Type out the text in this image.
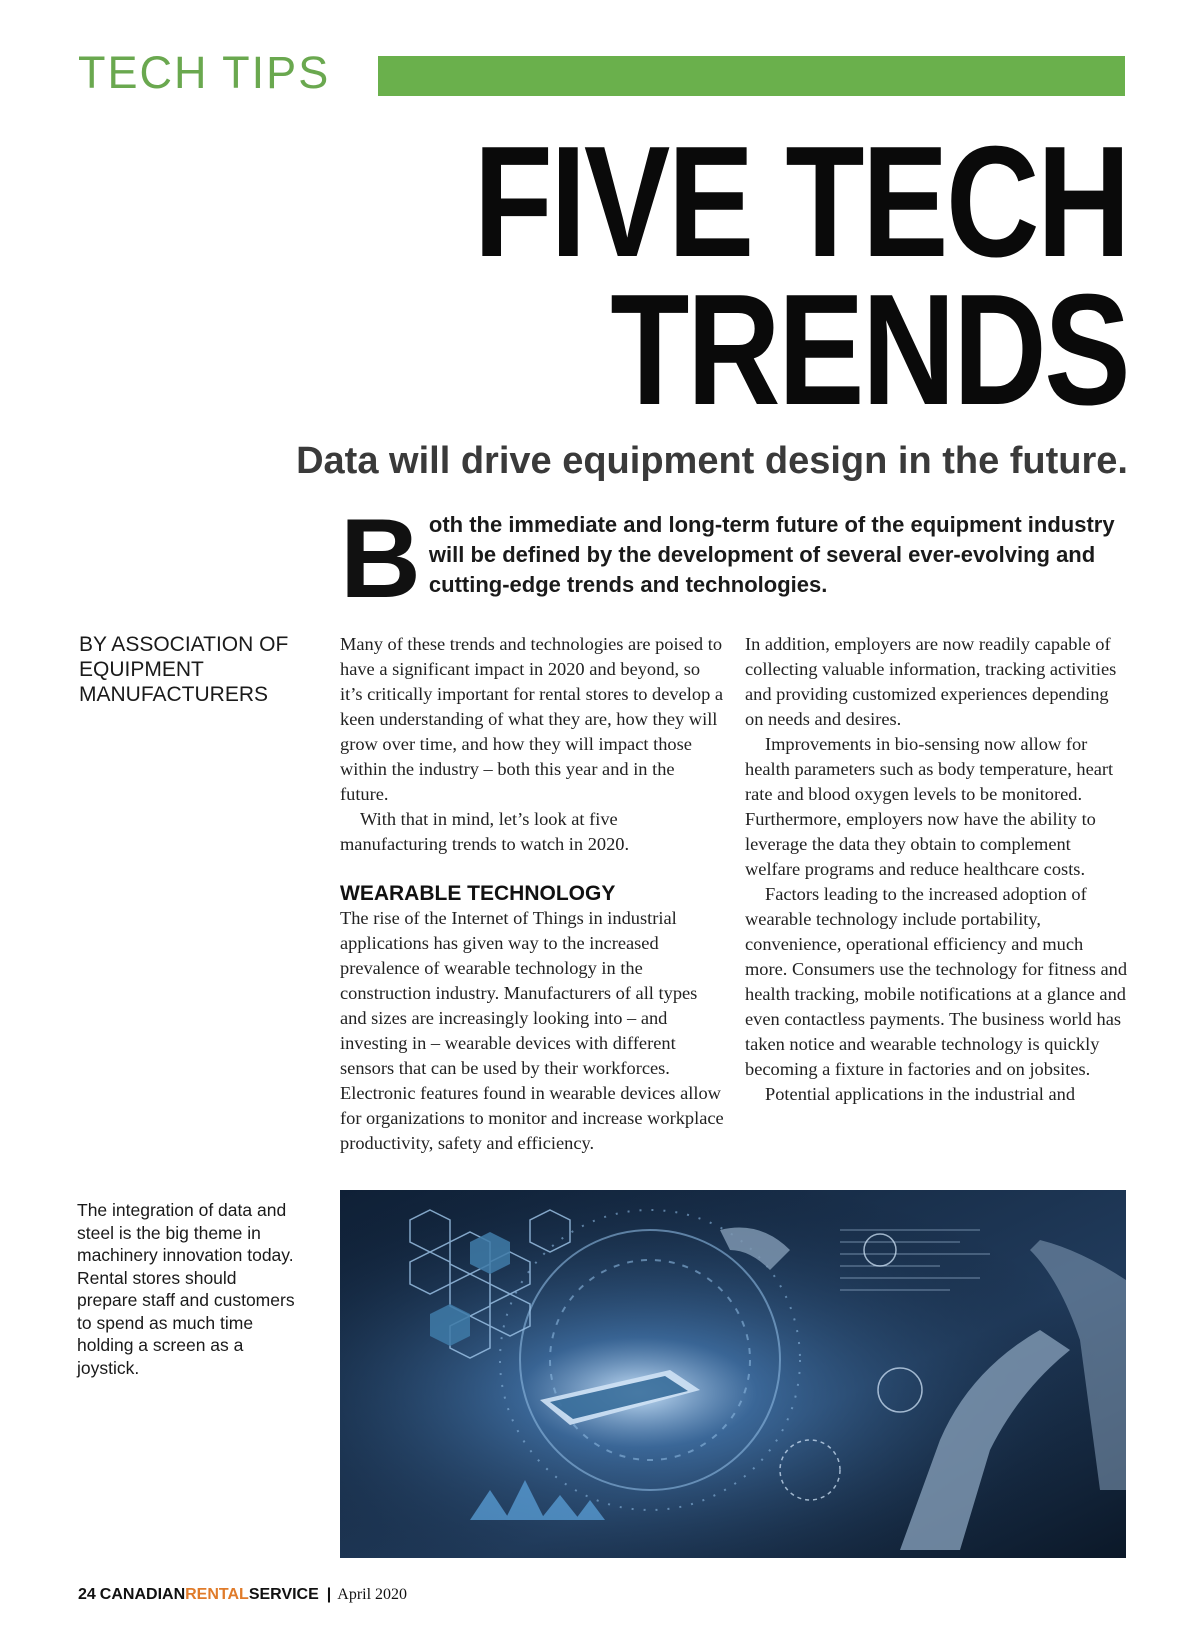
TECH TIPS
FIVE TECH
TRENDS
Data will drive equipment design in the future.
Both the immediate and long-term future of the equipment industry will be defined by the development of several ever-evolving and cutting-edge trends and technologies.
BY ASSOCIATION OF EQUIPMENT MANUFACTURERS

Many of these trends and technologies are poised to have a significant impact in 2020 and beyond, so it’s critically important for rental stores to develop a keen understanding of what they are, how they will grow over time, and how they will impact those within the industry – both this year and in the future.

With that in mind, let’s look at five manufacturing trends to watch in 2020.

WEARABLE TECHNOLOGY

The rise of the Internet of Things in industrial applications has given way to the increased prevalence of wearable technology in the construction industry. Manufacturers of all types and sizes are increasingly looking into – and investing in – wearable devices with different sensors that can be used by their workforces. Electronic features found in wearable devices allow for organizations to monitor and increase workplace productivity, safety and efficiency.

In addition, employers are now readily capable of collecting valuable information, tracking activities and providing customized experiences depending on needs and desires.

Improvements in bio-sensing now allow for health parameters such as body temperature, heart rate and blood oxygen levels to be monitored. Furthermore, employers now have the ability to leverage the data they obtain to complement welfare programs and reduce healthcare costs.

Factors leading to the increased adoption of wearable technology include portability, convenience, operational efficiency and much more. Consumers use the technology for fitness and health tracking, mobile notifications at a glance and even contactless payments. The business world has taken notice and wearable technology is quickly becoming a fixture in factories and on jobsites.

Potential applications in the industrial and

The integration of data and steel is the big theme in machinery innovation today. Rental stores should prepare staff and customers to spend as much time holding a screen as a joystick.
24 CANADIANRENTALSERVICE | April 2020
